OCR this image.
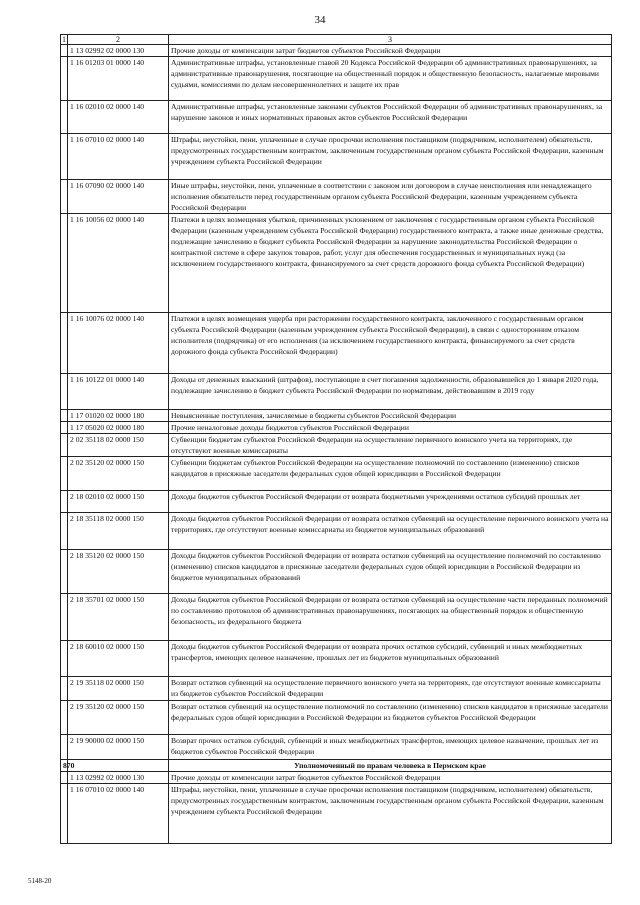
34
1	2	3
	1 13 02992 02 0000 130	Прочие доходы от компенсации затрат бюджетов субъектов Российской Федерации
	1 16 01203 01 0000 140	Административные штрафы, установленные главой 20 Кодекса Российской Федерации об административных правонарушениях, за административные правонарушения, посягающие на общественный порядок и общественную безопасность, налагаемые мировыми судьями, комиссиями по делам несовершеннолетних и защите их прав
	1 16 02010 02 0000 140	Административные штрафы, установленные законами субъектов Российской Федерации об административных правонарушениях, за нарушение законов и иных нормативных правовых актов субъектов Российской Федерации
	1 16 07010 02 0000 140	Штрафы, неустойки, пени, уплаченные в случае просрочки исполнения поставщиком (подрядчиком, исполнителем) обязательств, предусмотренных государственным контрактом, заключенным государственным органом субъекта Российской Федерации, казенным учреждением субъекта Российской Федерации
	1 16 07090 02 0000 140	Иные штрафы, неустойки, пени, уплаченные в соответствии с законом или договором в случае неисполнения или ненадлежащего исполнения обязательств перед государственным органом субъекта Российской Федерации, казенным учреждением субъекта Российской Федерации
	1 16 10056 02 0000 140	Платежи в целях возмещения убытков, причиненных уклонением от заключения с государственным органом субъекта Российской Федерации (казенным учреждением субъекта Российской Федерации) государственного контракта, а также иные денежные средства, подлежащие зачислению в бюджет субъекта Российской Федерации за нарушение законодательства Российской Федерации о контрактной системе в сфере закупок товаров, работ, услуг для обеспечения государственных и муниципальных нужд (за исключением государственного контракта, финансируемого за счет средств дорожного фонда субъекта Российской Федерации)
	1 16 10076 02 0000 140	Платежи в целях возмещения ущерба при расторжении государственного контракта, заключенного с государственным органом субъекта Российской Федерации (казенным учреждением субъекта Российской Федерации), в связи с односторонним отказом исполнителя (подрядчика) от его исполнения (за исключением государственного контракта, финансируемого за счет средств дорожного фонда субъекта Российской Федерации)
	1 16 10122 01 0000 140	Доходы от денежных взысканий (штрафов), поступающие в счет погашения задолженности, образовавшейся до 1 января 2020 года, подлежащие зачислению в бюджет субъекта Российской Федерации по нормативам, действовавшим в 2019 году
	1 17 01020 02 0000 180	Невыясненные поступления, зачисляемые в бюджеты субъектов Российской Федерации
	1 17 05020 02 0000 180	Прочие неналоговые доходы бюджетов субъектов Российской Федерации
	2 02 35118 02 0000 150	Субвенции бюджетам субъектов Российской Федерации на осуществление первичного воинского учета на территориях, где отсутствуют военные комиссариаты
	2 02 35120 02 0000 150	Субвенции бюджетам субъектов Российской Федерации на осуществление полномочий по составлению (изменению) списков кандидатов в присяжные заседатели федеральных судов общей юрисдикции в Российской Федерации
	2 18 02010 02 0000 150	Доходы бюджетов субъектов Российской Федерации от возврата бюджетными учреждениями остатков субсидий прошлых лет
	2 18 35118 02 0000 150	Доходы бюджетов субъектов Российской Федерации от возврата остатков субвенций на осуществление первичного воинского учета на территориях, где отсутствуют военные комиссариаты из бюджетов муниципальных образований
	2 18 35120 02 0000 150	Доходы бюджетов субъектов Российской Федерации от возврата остатков субвенций на осуществление полномочий по составлению (изменению) списков кандидатов в присяжные заседатели федеральных судов общей юрисдикции в Российской Федерации из бюджетов муниципальных образований
	2 18 35701 02 0000 150	Доходы бюджетов субъектов Российской Федерации от возврата остатков субвенций на осуществление части переданных полномочий по составлению протоколов об административных правонарушениях, посягающих на общественный порядок и общественную безопасность, из федерального бюджета
	2 18 60010 02 0000 150	Доходы бюджетов субъектов Российской Федерации от возврата прочих остатков субсидий, субвенций и иных межбюджетных трансфертов, имеющих целевое назначение, прошлых лет из бюджетов муниципальных образований
	2 19 35118 02 0000 150	Возврат остатков субвенций на осуществление первичного воинского учета на территориях, где отсутствуют военные комиссариаты из бюджетов субъектов Российской Федерации
	2 19 35120 02 0000 150	Возврат остатков субвенций на осуществление полномочий по составлению (изменению) списков кандидатов в присяжные заседатели федеральных судов общей юрисдикции в Российской Федерации из бюджетов субъектов Российской Федерации
	2 19 90000 02 0000 150	Возврат прочих остатков субсидий, субвенций и иных межбюджетных трансфертов, имеющих целевое назначение, прошлых лет из бюджетов субъектов Российской Федерации
870		Уполномоченный по правам человека в Пермском крае
	1 13 02992 02 0000 130	Прочие доходы от компенсации затрат бюджетов субъектов Российской Федерации
	1 16 07010 02 0000 140	Штрафы, неустойки, пени, уплаченные в случае просрочки исполнения поставщиком (подрядчиком, исполнителем) обязательств, предусмотренных государственным контрактом, заключенным государственным органом субъекта Российской Федерации, казенным учреждением субъекта Российской Федерации
5148-20
